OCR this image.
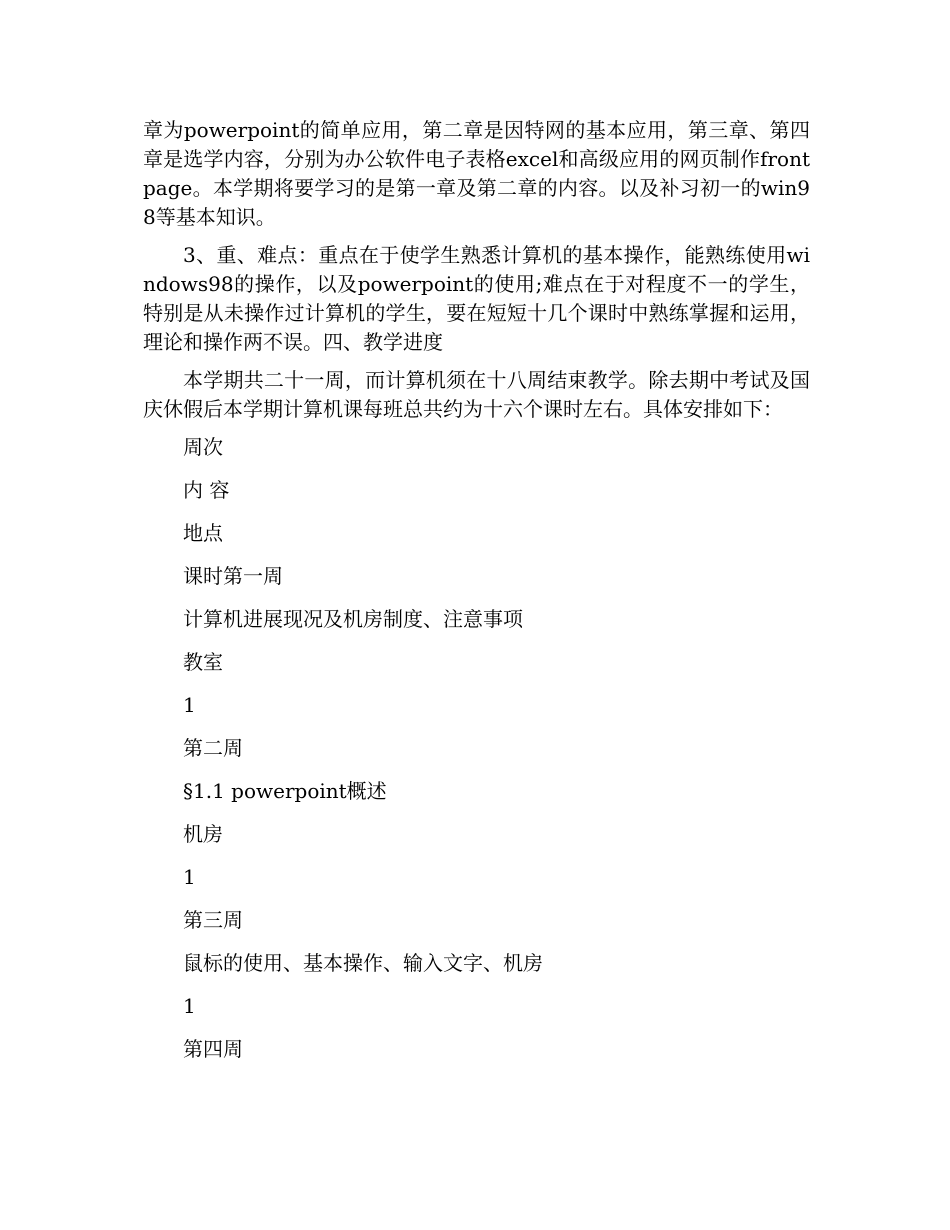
章为powerpoint的简单应用，第二章是因特网的基本应用，第三章、第四章是选学内容，分别为办公软件电子表格excel和高级应用的网页制作frontpage。本学期将要学习的是第一章及第二章的内容。以及补习初一的win98等基本知识。

3、重、难点：重点在于使学生熟悉计算机的基本操作，能熟练使用windows98的操作，以及powerpoint的使用;难点在于对程度不一的学生，特别是从未操作过计算机的学生，要在短短十几个课时中熟练掌握和运用，理论和操作两不误。四、教学进度

本学期共二十一周，而计算机须在十八周结束教学。除去期中考试及国庆休假后本学期计算机课每班总共约为十六个课时左右。具体安排如下：

周次
内 容
地点
课时第一周
计算机进展现况及机房制度、注意事项
教室
1
第二周
§1.1 powerpoint概述
机房
1
第三周
鼠标的使用、基本操作、输入文字、机房
1
第四周
